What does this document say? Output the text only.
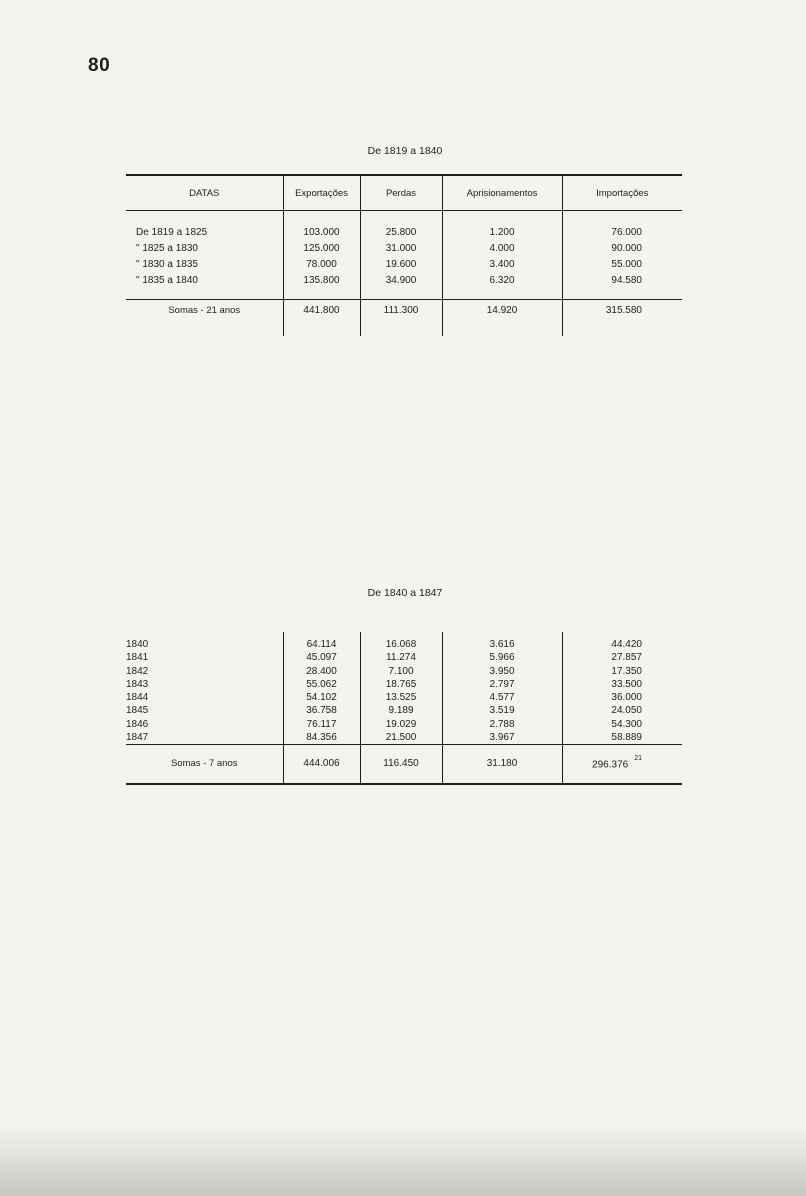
80
De 1819 a 1840
DATAS	Exportações	Perdas	Aprisionamentos	Importações
De 1819 a 1825	103.000	25.800	1.200	76.000
" 1825 a 1830	125.000	31.000	4.000	90.000
" 1830 a 1835	78.000	19.600	3.400	55.000
" 1835 a 1840	135.800	34.900	6.320	94.580

Somas - 21 anos	441.800	111.300	14.920	315.580
De 1840 a 1847
1840	64.114	16.068	3.616	44.420
1841	45.097	11.274	5.966	27.857
1842	28.400	7.100	3.950	17.350
1843	55.062	18.765	2.797	33.500
1844	54.102	13.525	4.577	36.000
1845	36.758	9.189	3.519	24.050
1846	76.117	19.029	2.788	54.300
1847	84.356	21.500	3.967	58.889
Somas - 7 anos	444.006	116.450	31.180	296.376$^{21}$
